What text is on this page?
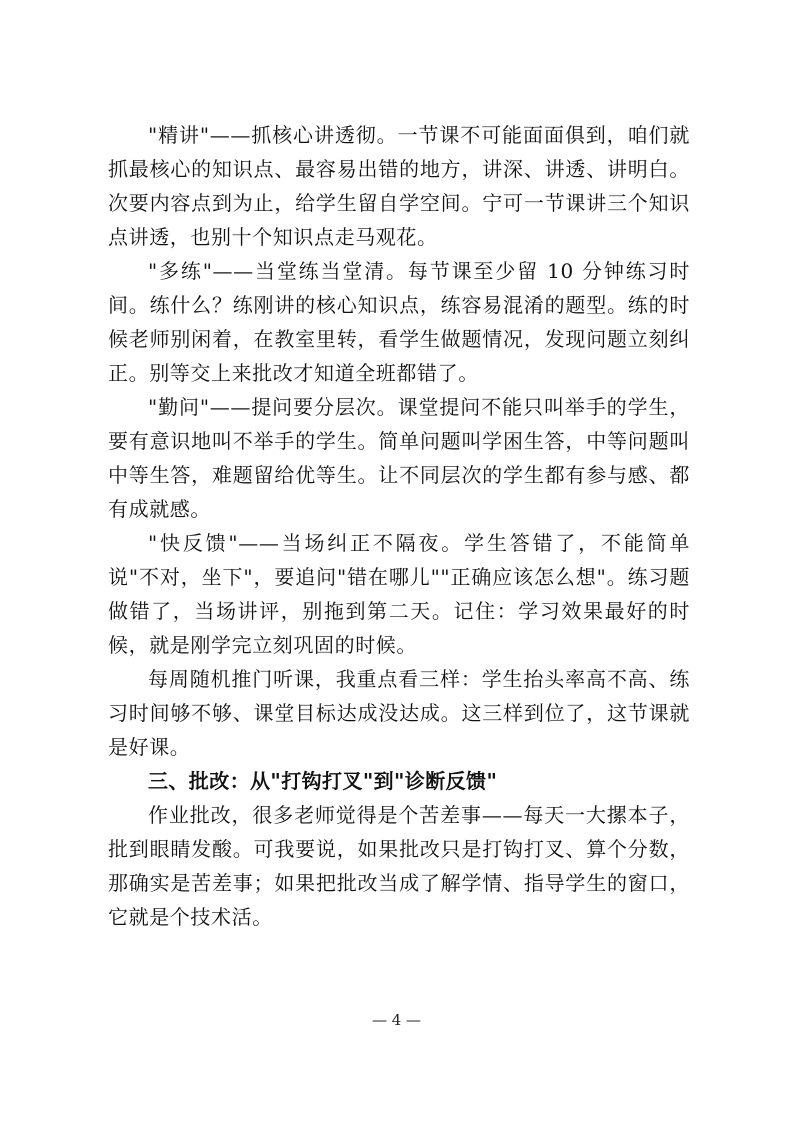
"精讲"——抓核心讲透彻。一节课不可能面面俱到，咱们就抓最核心的知识点、最容易出错的地方，讲深、讲透、讲明白。次要内容点到为止，给学生留自学空间。宁可一节课讲三个知识点讲透，也别十个知识点走马观花。

"多练"——当堂练当堂清。每节课至少留 10 分钟练习时间。练什么？练刚讲的核心知识点，练容易混淆的题型。练的时候老师别闲着，在教室里转，看学生做题情况，发现问题立刻纠正。别等交上来批改才知道全班都错了。

"勤问"——提问要分层次。课堂提问不能只叫举手的学生，要有意识地叫不举手的学生。简单问题叫学困生答，中等问题叫中等生答，难题留给优等生。让不同层次的学生都有参与感、都有成就感。

"快反馈"——当场纠正不隔夜。学生答错了，不能简单说"不对，坐下"，要追问"错在哪儿""正确应该怎么想"。练习题做错了，当场讲评，别拖到第二天。记住：学习效果最好的时候，就是刚学完立刻巩固的时候。

每周随机推门听课，我重点看三样：学生抬头率高不高、练习时间够不够、课堂目标达成没达成。这三样到位了，这节课就是好课。

三、批改：从"打钩打叉"到"诊断反馈"

作业批改，很多老师觉得是个苦差事——每天一大摞本子，批到眼睛发酸。可我要说，如果批改只是打钩打叉、算个分数，那确实是苦差事；如果把批改当成了解学情、指导学生的窗口，它就是个技术活。

— 4 —
